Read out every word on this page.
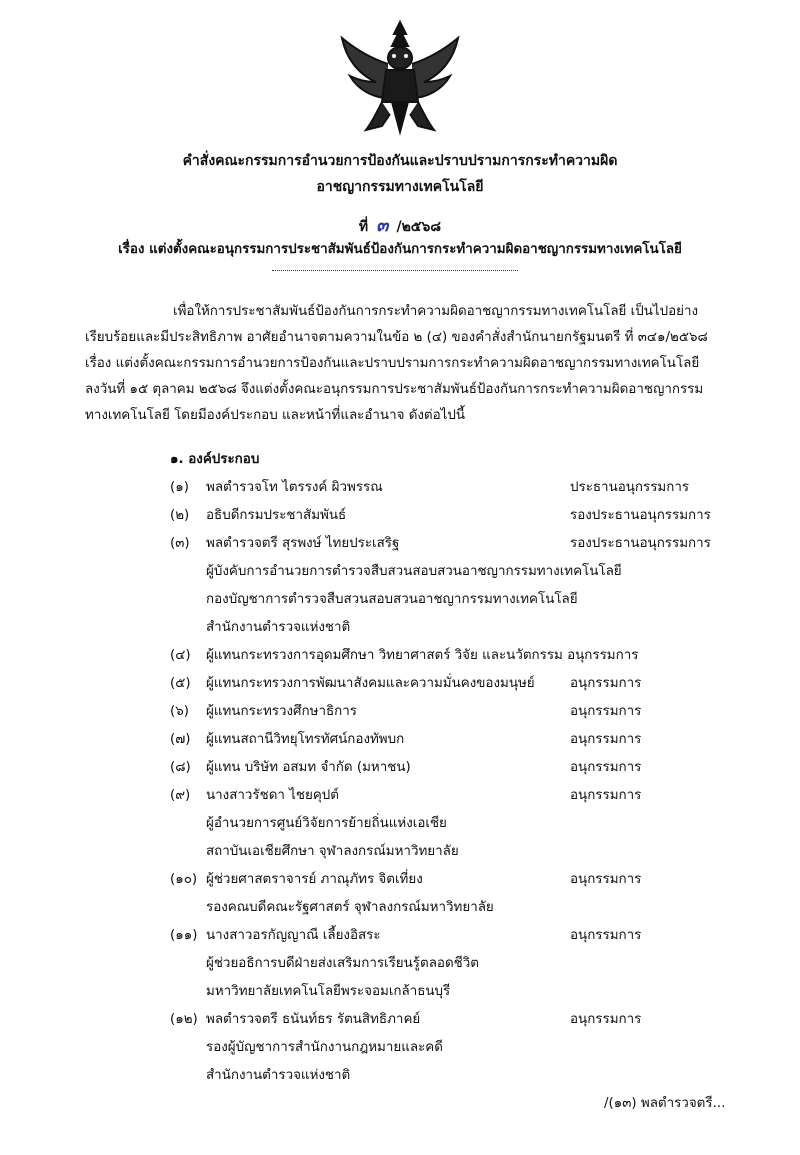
คำสั่งคณะกรรมการอำนวยการป้องกันและปราบปรามการกระทำความผิด
อาชญากรรมทางเทคโนโลยี
ที่ ๓ /๒๕๖๘
เรื่อง แต่งตั้งคณะอนุกรรมการประชาสัมพันธ์ป้องกันการกระทำความผิดอาชญากรรมทางเทคโนโลยี
เพื่อให้การประชาสัมพันธ์ป้องกันการกระทำความผิดอาชญากรรมทางเทคโนโลยี เป็นไปอย่าง
เรียบร้อยและมีประสิทธิภาพ อาศัยอำนาจตามความในข้อ ๒ (๔) ของคำสั่งสำนักนายกรัฐมนตรี ที่ ๓๔๑/๒๕๖๘
เรื่อง แต่งตั้งคณะกรรมการอำนวยการป้องกันและปราบปรามการกระทำความผิดอาชญากรรมทางเทคโนโลยี
ลงวันที่ ๑๕ ตุลาคม ๒๕๖๘ จึงแต่งตั้งคณะอนุกรรมการประชาสัมพันธ์ป้องกันการกระทำความผิดอาชญากรรม
ทางเทคโนโลยี โดยมีองค์ประกอบ และหน้าที่และอำนาจ ดังต่อไปนี้
๑. องค์ประกอบ
(๑) พลตำรวจโท ไตรรงค์ ผิวพรรณ	ประธานอนุกรรมการ
(๒) อธิบดีกรมประชาสัมพันธ์	รองประธานอนุกรรมการ
(๓) พลตำรวจตรี สุรพงษ์ ไทยประเสริฐ	รองประธานอนุกรรมการ
ผู้บังคับการอำนวยการตำรวจสืบสวนสอบสวนอาชญากรรมทางเทคโนโลยี
กองบัญชาการตำรวจสืบสวนสอบสวนอาชญากรรมทางเทคโนโลยี
สำนักงานตำรวจแห่งชาติ
(๔) ผู้แทนกระทรวงการอุดมศึกษา วิทยาศาสตร์ วิจัย และนวัตกรรม อนุกรรมการ
(๕) ผู้แทนกระทรวงการพัฒนาสังคมและความมั่นคงของมนุษย์	อนุกรรมการ
(๖) ผู้แทนกระทรวงศึกษาธิการ	อนุกรรมการ
(๗) ผู้แทนสถานีวิทยุโทรทัศน์กองทัพบก	อนุกรรมการ
(๘) ผู้แทน บริษัท อสมท จำกัด (มหาชน)	อนุกรรมการ
(๙) นางสาวรัชดา ไชยคุปต์	อนุกรรมการ
ผู้อำนวยการศูนย์วิจัยการย้ายถิ่นแห่งเอเชีย
สถาบันเอเชียศึกษา จุฬาลงกรณ์มหาวิทยาลัย
(๑๐) ผู้ช่วยศาสตราจารย์ ภาณุภัทร จิตเที่ยง	อนุกรรมการ
รองคณบดีคณะรัฐศาสตร์ จุฬาลงกรณ์มหาวิทยาลัย
(๑๑) นางสาวอรกัญญาณี เลี้ยงอิสระ	อนุกรรมการ
ผู้ช่วยอธิการบดีฝ่ายส่งเสริมการเรียนรู้ตลอดชีวิต
มหาวิทยาลัยเทคโนโลยีพระจอมเกล้าธนบุรี
(๑๒) พลตำรวจตรี ธนันท์ธร รัตนสิทธิภาคย์	อนุกรรมการ
รองผู้บัญชาการสำนักงานกฎหมายและคดี
สำนักงานตำรวจแห่งชาติ
/(๑๓) พลตำรวจตรี...
